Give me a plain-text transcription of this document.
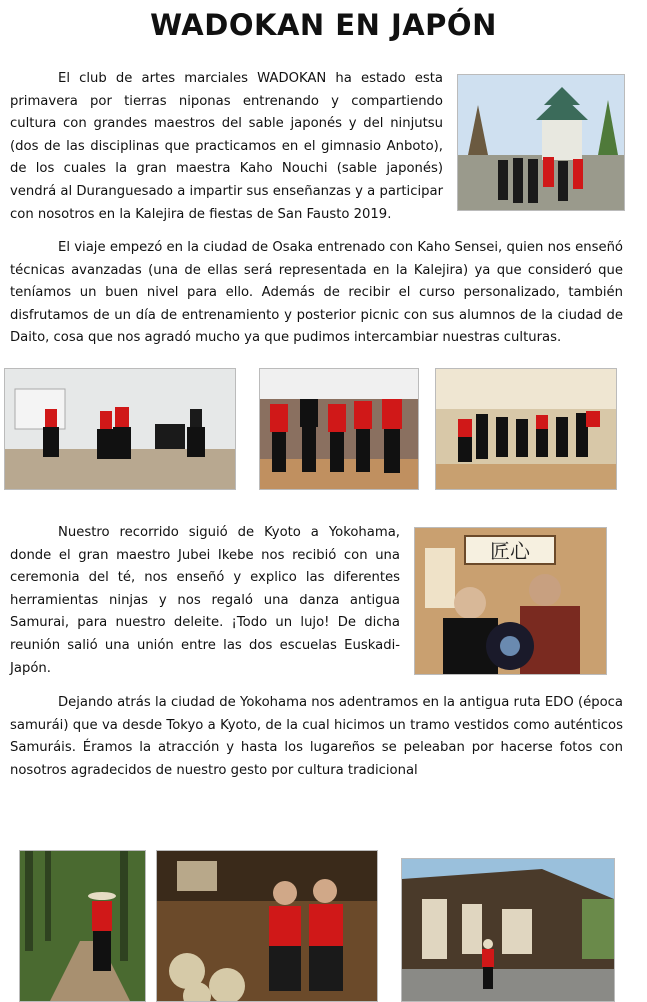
WADOKAN EN JAPÓN

El club de artes marciales WADOKAN ha estado esta primavera por tierras niponas entrenando y compartiendo cultura con grandes maestros del sable japonés y del ninjutsu (dos de las disciplinas que practicamos en el gimnasio Anboto), de los cuales la gran maestra Kaho Nouchi (sable japonés) vendrá al Duranguesado a impartir sus enseñanzas y a participar con nosotros en la Kalejira de fiestas de San Fausto 2019.

El viaje empezó en la ciudad de Osaka entrenado con Kaho Sensei, quien nos enseñó técnicas avanzadas (una de ellas será representada en la Kalejira) ya que consideró que teníamos un buen nivel para ello. Además de recibir el curso personalizado, también disfrutamos de un día de entrenamiento y posterior picnic con sus alumnos de la ciudad de Daito, cosa que nos agradó mucho ya que pudimos intercambiar nuestras culturas.

Nuestro recorrido siguió de Kyoto a Yokohama, donde el gran maestro Jubei Ikebe nos recibió con una ceremonia del té, nos enseñó y explico las diferentes herramientas ninjas y nos regaló una danza antigua Samurai, para nuestro deleite. ¡Todo un lujo! De dicha reunión salió una unión entre las dos escuelas Euskadi-Japón.

匠心

Dejando atrás la ciudad de Yokohama nos adentramos en la antigua ruta EDO (época samurái) que va desde Tokyo a Kyoto, de la cual hicimos un tramo vestidos como auténticos Samuráis. Éramos la atracción y hasta los lugareños se peleaban por hacerse fotos con nosotros agradecidos de nuestro gesto por cultura tradicional
